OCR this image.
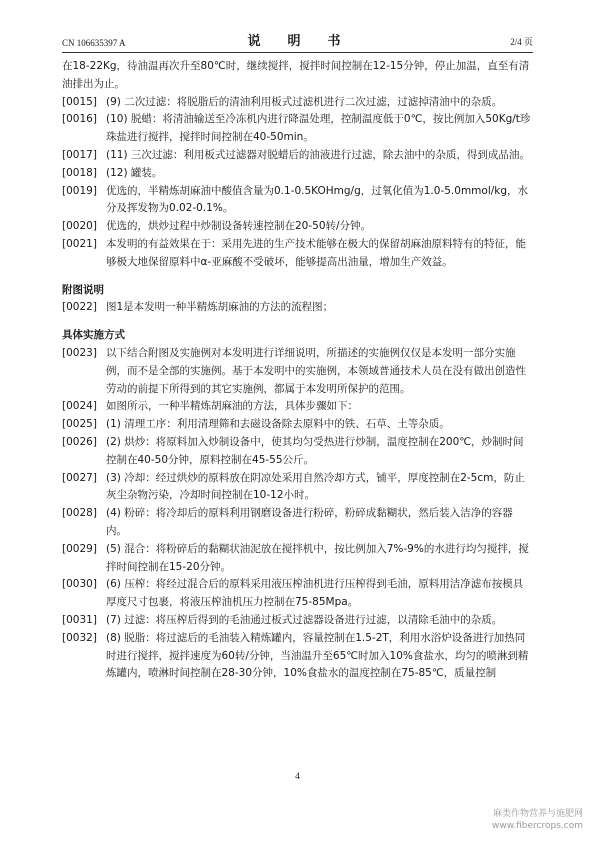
CN 106635397 A	说　明　书	2/4 页
在18-22Kg，待油温再次升至80℃时，继续搅拌，搅拌时间控制在12-15分钟，停止加温，直至有清油排出为止。
[0015] (9) 二次过滤：将脱脂后的清油利用板式过滤机进行二次过滤，过滤掉清油中的杂质。
[0016] (10) 脱蜡：将清油输送至冷冻机内进行降温处理，控制温度低于0℃，按比例加入50Kg/t珍珠盐进行搅拌，搅拌时间控制在40-50min。
[0017] (11) 三次过滤：利用板式过滤器对脱蜡后的油液进行过滤，除去油中的杂质，得到成品油。
[0018] (12) 罐装。
[0019] 优选的，半精炼胡麻油中酸值含量为0.1-0.5KOHmg/g，过氧化值为1.0-5.0mmol/kg，水分及挥发物为0.02-0.1%。
[0020] 优选的，烘炒过程中炒制设备转速控制在20-50转/分钟。
[0021] 本发明的有益效果在于：采用先进的生产技术能够在极大的保留胡麻油原料特有的特征，能够极大地保留原料中α-亚麻酸不受破坏，能够提高出油量，增加生产效益。
附图说明
[0022] 图1是本发明一种半精炼胡麻油的方法的流程图；
具体实施方式
[0023] 以下结合附图及实施例对本发明进行详细说明，所描述的实施例仅仅是本发明一部分实施例，而不是全部的实施例。基于本发明中的实施例，本领域普通技术人员在没有做出创造性劳动的前提下所得到的其它实施例，都属于本发明所保护的范围。
[0024] 如图所示，一种半精炼胡麻油的方法，具体步骤如下：
[0025] (1) 清理工序：利用清理筛和去磁设备除去原料中的铁、石草、土等杂质。
[0026] (2) 烘炒：将原料加入炒制设备中，使其均匀受热进行炒制，温度控制在200℃，炒制时间控制在40-50分钟，原料控制在45-55公斤。
[0027] (3) 冷却：经过烘炒的原料放在阴凉处采用自然冷却方式，铺平，厚度控制在2-5cm，防止灰尘杂物污染，冷却时间控制在10-12小时。
[0028] (4) 粉碎：将冷却后的原料利用钢磨设备进行粉碎，粉碎成黏糊状，然后装入洁净的容器内。
[0029] (5) 混合：将粉碎后的黏糊状油泥放在搅拌机中，按比例加入7%-9%的水进行均匀搅拌，搅拌时间控制在15-20分钟。
[0030] (6) 压榨：将经过混合后的原料采用液压榨油机进行压榨得到毛油，原料用洁净滤布按模具厚度尺寸包裹，将液压榨油机压力控制在75-85Mpa。
[0031] (7) 过滤：将压榨后得到的毛油通过板式过滤器设备进行过滤，以清除毛油中的杂质。
[0032] (8) 脱脂：将过滤后的毛油装入精炼罐内，容量控制在1.5-2T，利用水浴炉设备进行加热同时进行搅拌，搅拌速度为60转/分钟，当油温升至65℃时加入10%食盐水，均匀的喷淋到精炼罐内，喷淋时间控制在28-30分钟，10%食盐水的温度控制在75-85℃，质量控制
4
麻类作物营养与施肥网
www.fibercrops.com
